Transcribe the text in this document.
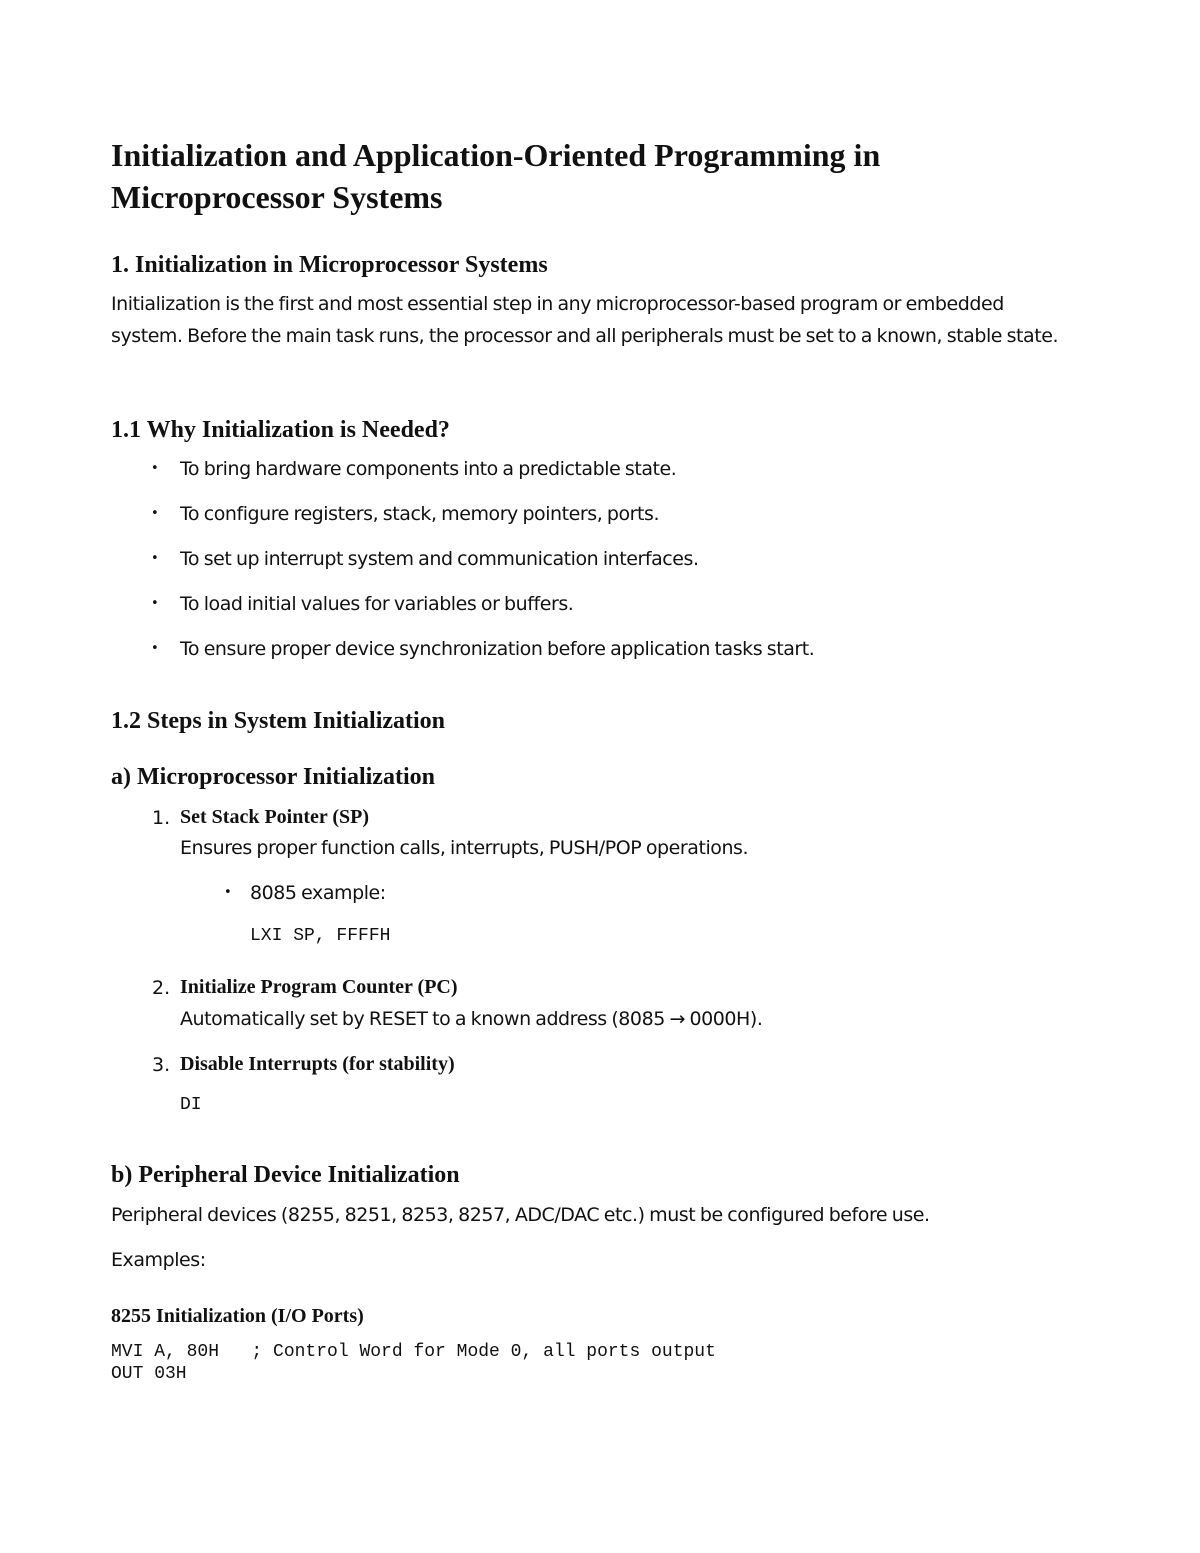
Initialization and Application-Oriented Programming in Microprocessor Systems
1. Initialization in Microprocessor Systems
Initialization is the first and most essential step in any microprocessor-based program or embedded system. Before the main task runs, the processor and all peripherals must be set to a known, stable state.
1.1 Why Initialization is Needed?
• To bring hardware components into a predictable state.
• To configure registers, stack, memory pointers, ports.
• To set up interrupt system and communication interfaces.
• To load initial values for variables or buffers.
• To ensure proper device synchronization before application tasks start.
1.2 Steps in System Initialization
a) Microprocessor Initialization
1. Set Stack Pointer (SP)
Ensures proper function calls, interrupts, PUSH/POP operations.
• 8085 example:
LXI SP, FFFFH
2. Initialize Program Counter (PC)
Automatically set by RESET to a known address (8085 → 0000H).
3. Disable Interrupts (for stability)
DI
b) Peripheral Device Initialization
Peripheral devices (8255, 8251, 8253, 8257, ADC/DAC etc.) must be configured before use.
Examples:
8255 Initialization (I/O Ports)
MVI A, 80H   ; Control Word for Mode 0, all ports output
OUT 03H
